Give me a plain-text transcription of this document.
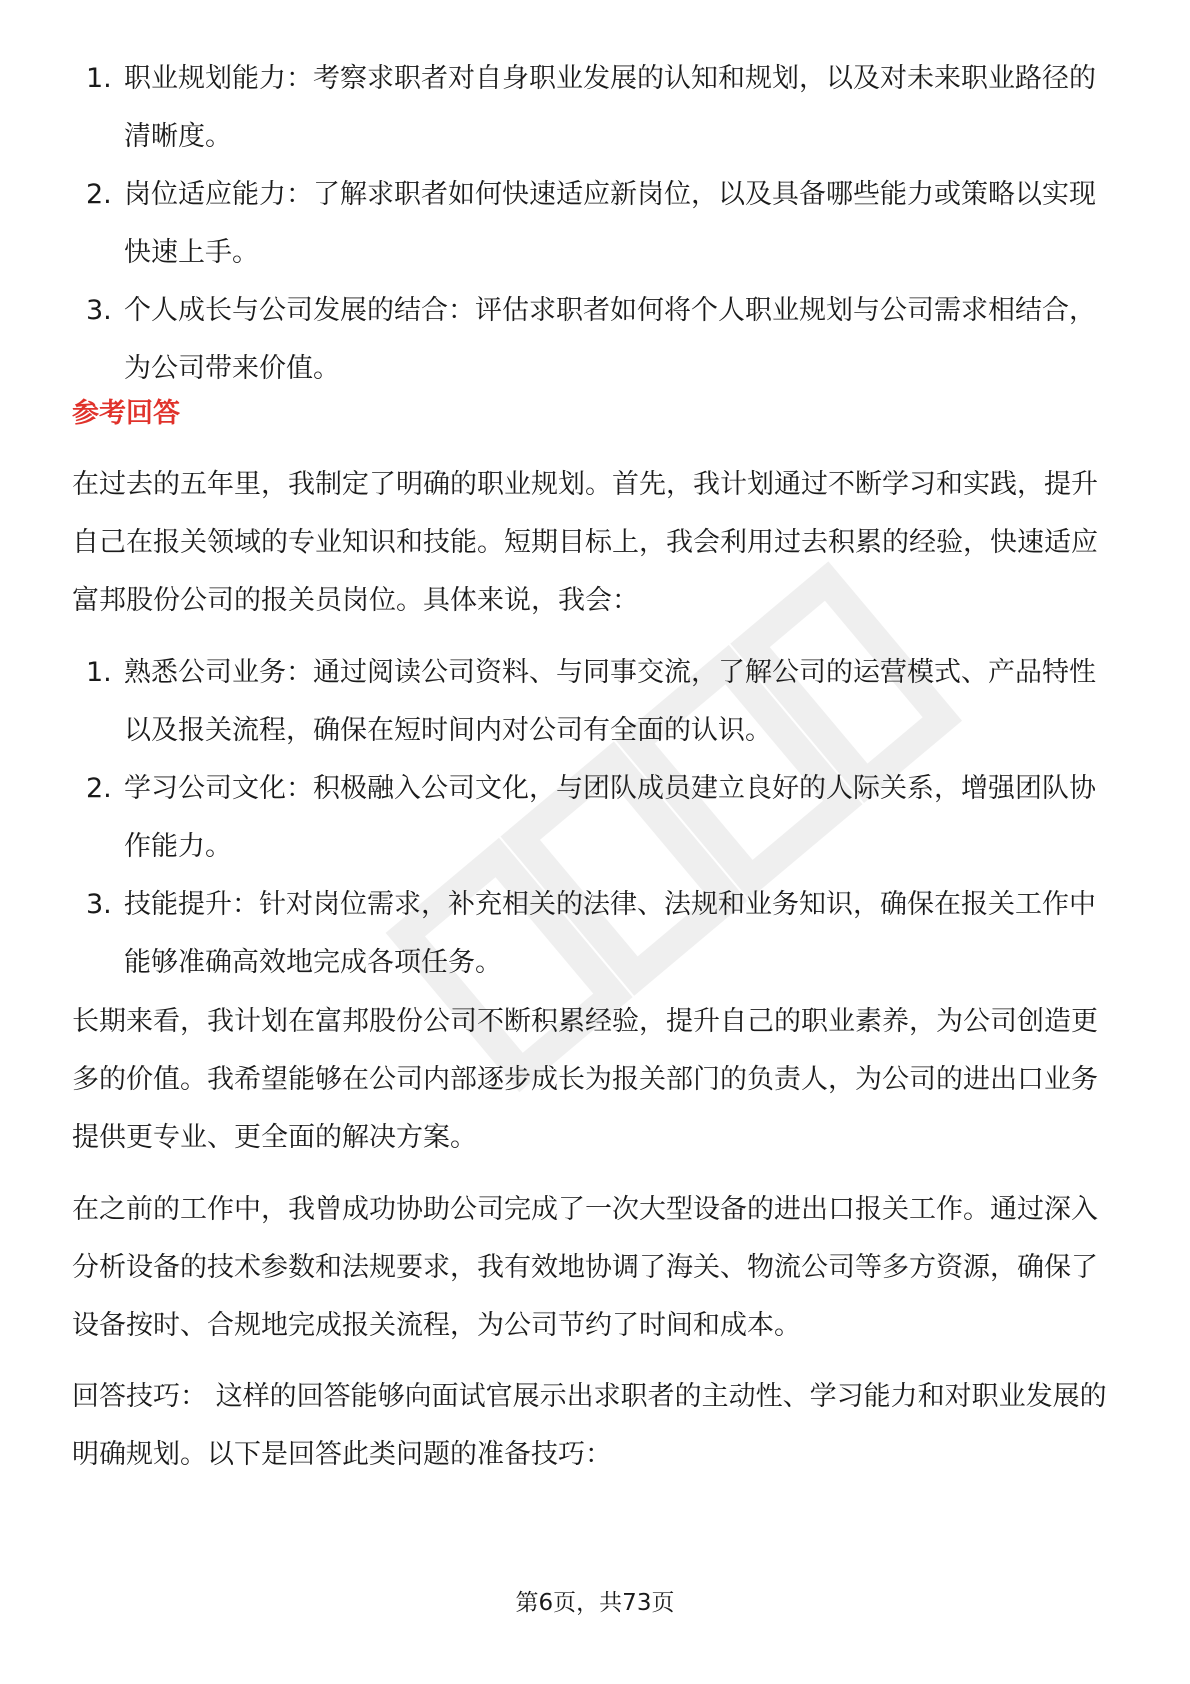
1. 职业规划能力：考察求职者对自身职业发展的认知和规划，以及对未来职业路径的清晰度。
2. 岗位适应能力：了解求职者如何快速适应新岗位，以及具备哪些能力或策略以实现快速上手。
3. 个人成长与公司发展的结合：评估求职者如何将个人职业规划与公司需求相结合，为公司带来价值。
参考回答

在过去的五年里，我制定了明确的职业规划。首先，我计划通过不断学习和实践，提升自己在报关领域的专业知识和技能。短期目标上，我会利用过去积累的经验，快速适应富邦股份公司的报关员岗位。具体来说，我会：

1. 熟悉公司业务：通过阅读公司资料、与同事交流，了解公司的运营模式、产品特性以及报关流程，确保在短时间内对公司有全面的认识。
2. 学习公司文化：积极融入公司文化，与团队成员建立良好的人际关系，增强团队协作能力。
3. 技能提升：针对岗位需求，补充相关的法律、法规和业务知识，确保在报关工作中能够准确高效地完成各项任务。

长期来看，我计划在富邦股份公司不断积累经验，提升自己的职业素养，为公司创造更多的价值。我希望能够在公司内部逐步成长为报关部门的负责人，为公司的进出口业务提供更专业、更全面的解决方案。

在之前的工作中，我曾成功协助公司完成了一次大型设备的进出口报关工作。通过深入分析设备的技术参数和法规要求，我有效地协调了海关、物流公司等多方资源，确保了设备按时、合规地完成报关流程，为公司节约了时间和成本。

回答技巧： 这样的回答能够向面试官展示出求职者的主动性、学习能力和对职业发展的明确规划。以下是回答此类问题的准备技巧：

第6页，共73页
